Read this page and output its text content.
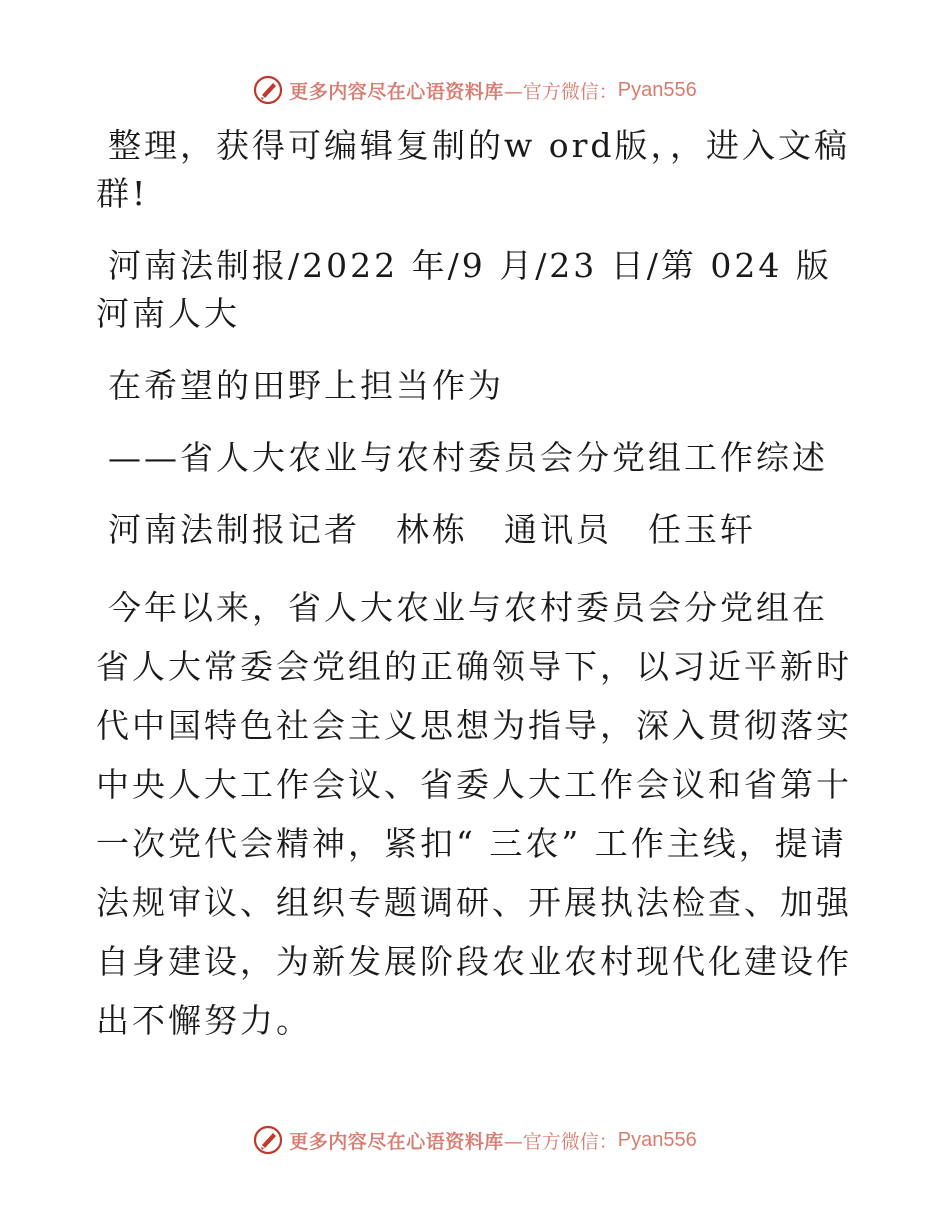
更多内容尽在心语资料库 —官方微信： Pyan556

整理，获得可编辑复制的w ord版，，进入文稿群!

河南法制报/2022 年/9 月/23 日/第 024 版河南人大

在希望的田野上担当作为

——省人大农业与农村委员会分党组工作综述

河南法制报记者　林栋　通讯员　任玉轩

今年以来，省人大农业与农村委员会分党组在省人大常委会党组的正确领导下，以习近平新时代中国特色社会主义思想为指导，深入贯彻落实中央人大工作会议、省委人大工作会议和省第十一次党代会精神，紧扣“ 三农” 工作主线，提请法规审议、组织专题调研、开展执法检查、加强自身建设，为新发展阶段农业农村现代化建设作出不懈努力。

更多内容尽在心语资料库 —官方微信： Pyan556
